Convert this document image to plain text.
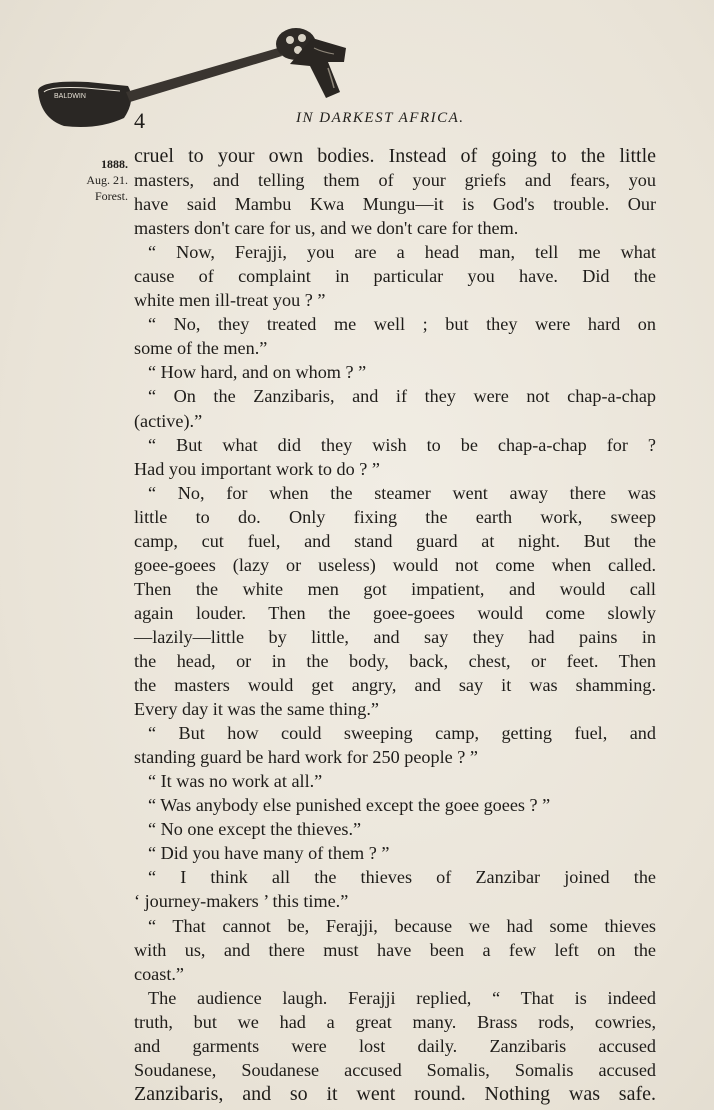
BALDWIN
4	IN DARKEST AFRICA.
1888.
Aug. 21.
Forest.
cruel to your own bodies. Instead of going to the little
masters, and telling them of your griefs and fears, you
have said Mambu Kwa Mungu—it is God's trouble. Our
masters don't care for us, and we don't care for them.
“ Now, Ferajji, you are a head man, tell me what
cause of complaint in particular you have. Did the
white men ill-treat you ? ”
“ No, they treated me well ; but they were hard on
some of the men.”
“ How hard, and on whom ? ”
“ On the Zanzibaris, and if they were not chap-a-chap
(active).”
“ But what did they wish to be chap-a-chap for ?
Had you important work to do ? ”
“ No, for when the steamer went away there was
little to do. Only fixing the earth work, sweep
camp, cut fuel, and stand guard at night. But the
goee-goees (lazy or useless) would not come when called.
Then the white men got impatient, and would call
again louder. Then the goee-goees would come slowly
—lazily—little by little, and say they had pains in
the head, or in the body, back, chest, or feet. Then
the masters would get angry, and say it was shamming.
Every day it was the same thing.”
“ But how could sweeping camp, getting fuel, and
standing guard be hard work for 250 people ? ”
“ It was no work at all.”
“ Was anybody else punished except the goee goees ? ”
“ No one except the thieves.”
“ Did you have many of them ? ”
“ I think all the thieves of Zanzibar joined the
‘ journey-makers ’ this time.”
“ That cannot be, Ferajji, because we had some thieves
with us, and there must have been a few left on the
coast.”
The audience laugh. Ferajji replied, “ That is indeed
truth, but we had a great many. Brass rods, cowries,
and garments were lost daily. Zanzibaris accused
Soudanese, Soudanese accused Somalis, Somalis accused
Zanzibaris, and so it went round. Nothing was safe.
